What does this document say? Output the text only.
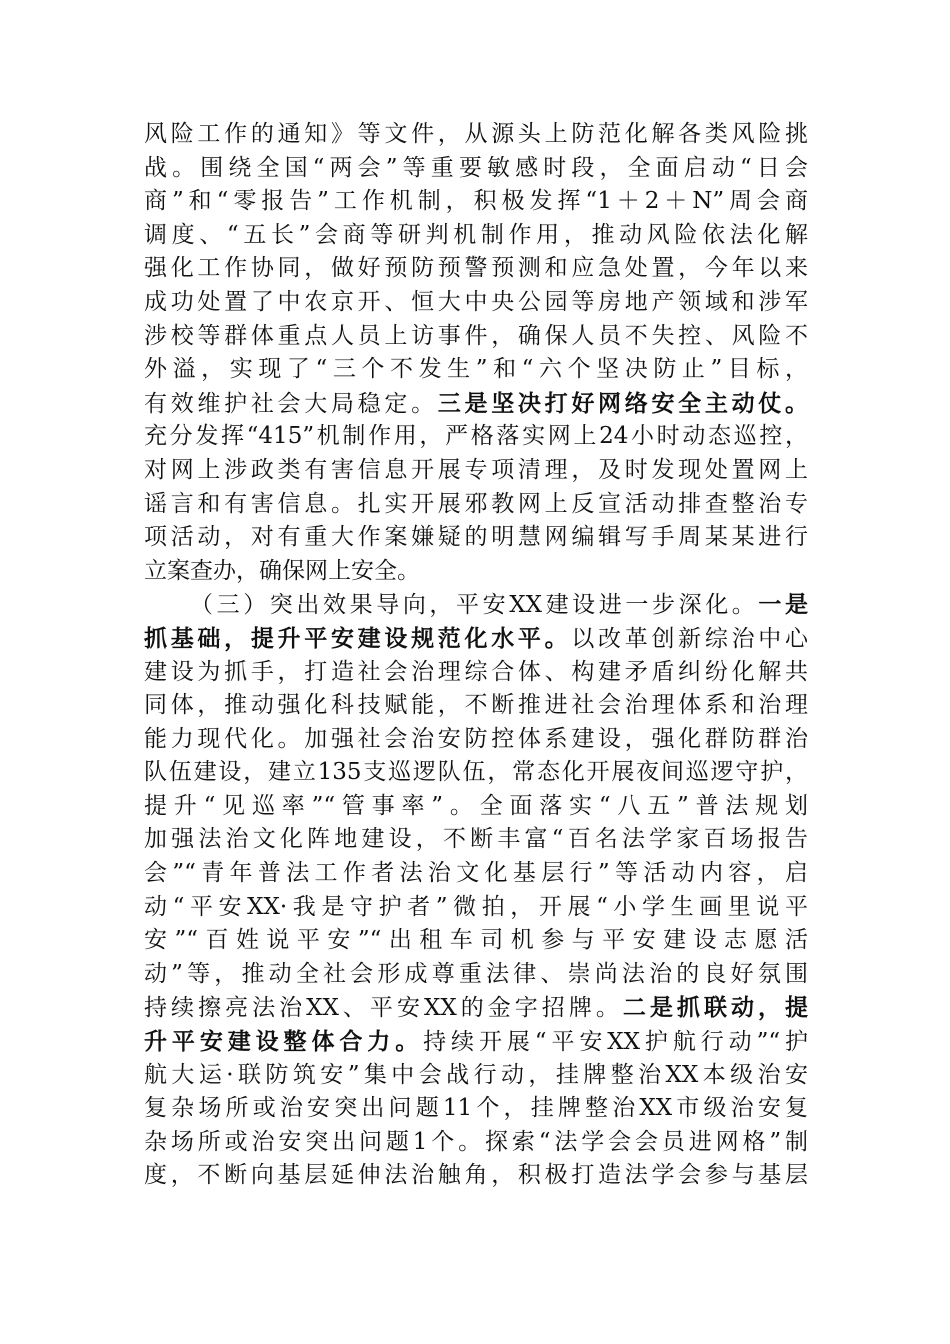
风险工作的通知》等文件，从源头上防范化解各类风险挑
战。围绕全国“两会”等重要敏感时段，全面启动“日会
商”和“零报告”工作机制，积极发挥“1＋2＋N”周会商
调度、“五长”会商等研判机制作用，推动风险依法化解
强化工作协同，做好预防预警预测和应急处置，今年以来
成功处置了中农京开、恒大中央公园等房地产领域和涉军
涉校等群体重点人员上访事件，确保人员不失控、风险不
外溢，实现了“三个不发生”和“六个坚决防止”目标，
有效维护社会大局稳定。三是坚决打好网络安全主动仗。
充分发挥“415”机制作用，严格落实网上24小时动态巡控，
对网上涉政类有害信息开展专项清理，及时发现处置网上
谣言和有害信息。扎实开展邪教网上反宣活动排查整治专
项活动，对有重大作案嫌疑的明慧网编辑写手周某某进行
立案查办，确保网上安全。
（三）突出效果导向，平安XX建设进一步深化。一是
抓基础，提升平安建设规范化水平。以改革创新综治中心
建设为抓手，打造社会治理综合体、构建矛盾纠纷化解共
同体，推动强化科技赋能，不断推进社会治理体系和治理
能力现代化。加强社会治安防控体系建设，强化群防群治
队伍建设，建立135支巡逻队伍，常态化开展夜间巡逻守护，
提升“见巡率”“管事率”。全面落实“八五”普法规划
加强法治文化阵地建设，不断丰富“百名法学家百场报告
会”“青年普法工作者法治文化基层行”等活动内容，启
动“平安XX·我是守护者”微拍，开展“小学生画里说平
安”“百姓说平安”“出租车司机参与平安建设志愿活
动”等，推动全社会形成尊重法律、崇尚法治的良好氛围
持续擦亮法治XX、平安XX的金字招牌。二是抓联动，提
升平安建设整体合力。持续开展“平安XX护航行动”“护
航大运·联防筑安”集中会战行动，挂牌整治XX本级治安
复杂场所或治安突出问题11个，挂牌整治XX市级治安复
杂场所或治安突出问题1个。探索“法学会会员进网格”制
度，不断向基层延伸法治触角，积极打造法学会参与基层
